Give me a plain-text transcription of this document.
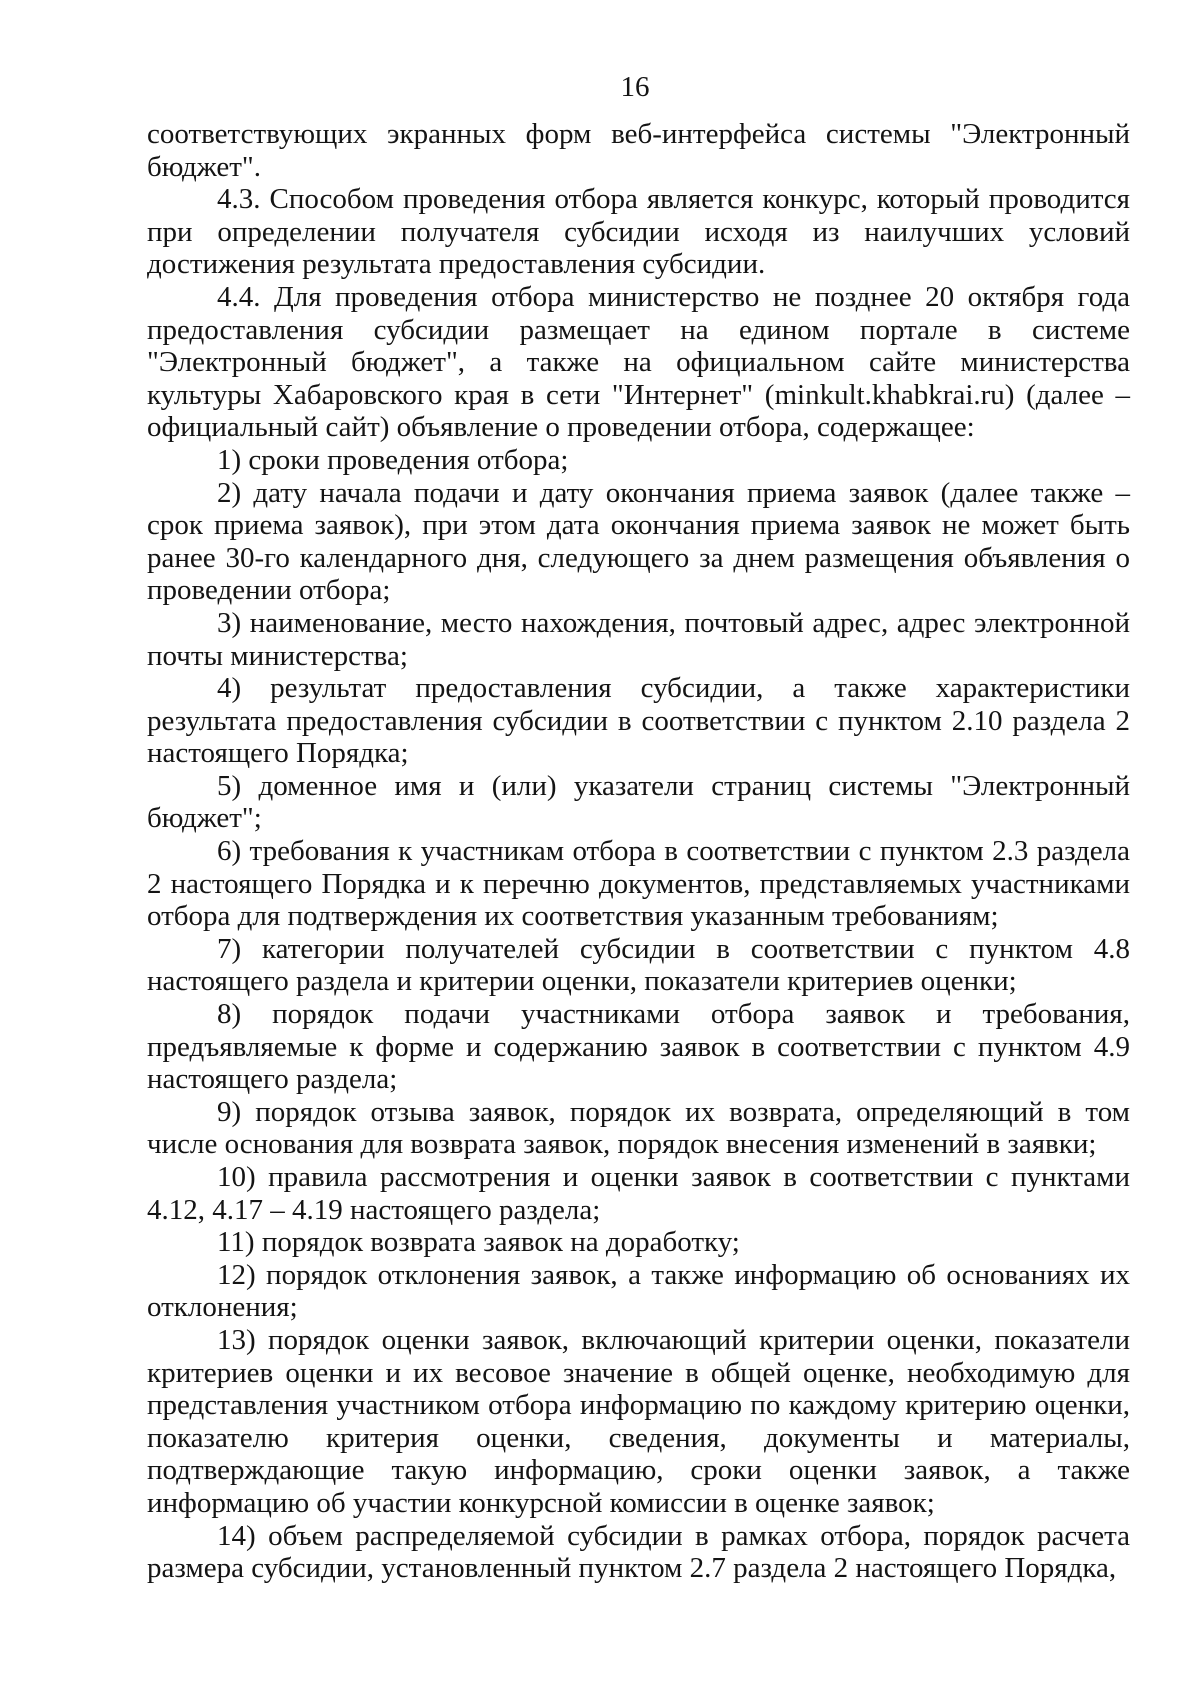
16

соответствующих экранных форм веб-интерфейса системы "Электронный бюджет".

4.3. Способом проведения отбора является конкурс, который проводится при определении получателя субсидии исходя из наилучших условий достижения результата предоставления субсидии.

4.4. Для проведения отбора министерство не позднее 20 октября года предоставления субсидии размещает на едином портале в системе "Электронный бюджет", а также на официальном сайте министерства культуры Хабаровского края в сети "Интернет" (minkult.khabkrai.ru) (далее – официальный сайт) объявление о проведении отбора, содержащее:

1) сроки проведения отбора;

2) дату начала подачи и дату окончания приема заявок (далее также – срок приема заявок), при этом дата окончания приема заявок не может быть ранее 30-го календарного дня, следующего за днем размещения объявления о проведении отбора;

3) наименование, место нахождения, почтовый адрес, адрес электронной почты министерства;

4) результат предоставления субсидии, а также характеристики результата предоставления субсидии в соответствии с пунктом 2.10 раздела 2 настоящего Порядка;

5) доменное имя и (или) указатели страниц системы "Электронный бюджет";

6) требования к участникам отбора в соответствии с пунктом 2.3 раздела 2 настоящего Порядка и к перечню документов, представляемых участниками отбора для подтверждения их соответствия указанным требованиям;

7) категории получателей субсидии в соответствии с пунктом 4.8 настоящего раздела и критерии оценки, показатели критериев оценки;

8) порядок подачи участниками отбора заявок и требования, предъявляемые к форме и содержанию заявок в соответствии с пунктом 4.9 настоящего раздела;

9) порядок отзыва заявок, порядок их возврата, определяющий в том числе основания для возврата заявок, порядок внесения изменений в заявки;

10) правила рассмотрения и оценки заявок в соответствии с пунктами 4.12, 4.17 – 4.19 настоящего раздела;

11) порядок возврата заявок на доработку;

12) порядок отклонения заявок, а также информацию об основаниях их отклонения;

13) порядок оценки заявок, включающий критерии оценки, показатели критериев оценки и их весовое значение в общей оценке, необходимую для представления участником отбора информацию по каждому критерию оценки, показателю критерия оценки, сведения, документы и материалы, подтверждающие такую информацию, сроки оценки заявок, а также информацию об участии конкурсной комиссии в оценке заявок;

14) объем распределяемой субсидии в рамках отбора, порядок расчета размера субсидии, установленный пунктом 2.7 раздела 2 настоящего Порядка,
